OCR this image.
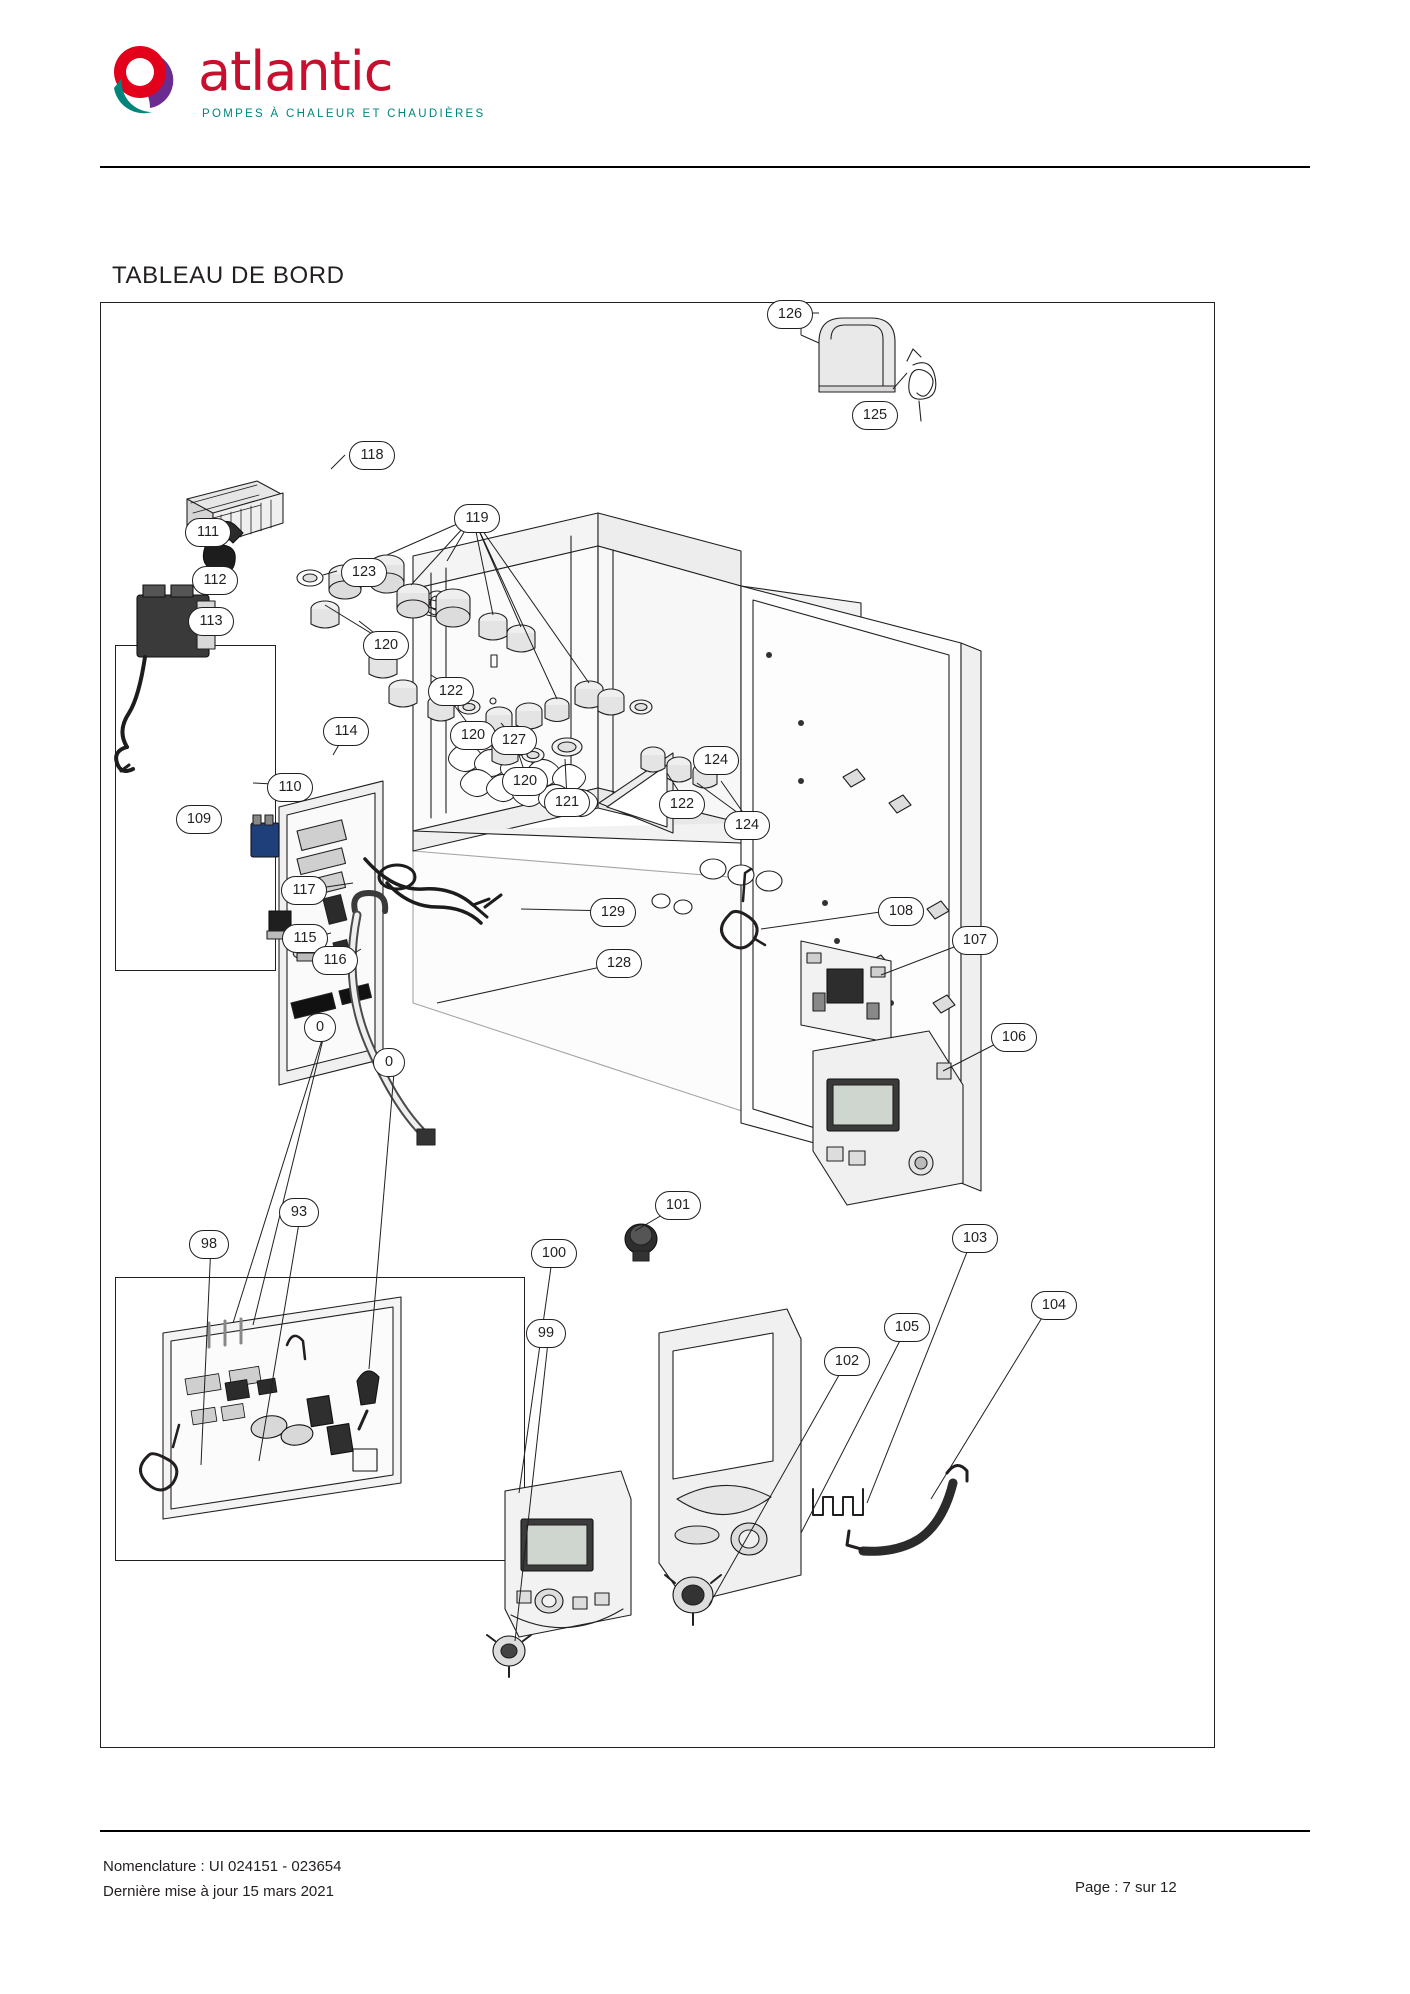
atlantic
POMPES À CHALEUR ET CHAUDIÈRES
TABLEAU DE BORD
126
125
118
119
111
123
112
113
120
122
120	127
114
120
124
121	122
124
110
109
117
129
115
116	128
108
107
106
0
0
93
98
101
103
104
100
105
102
99
Nomenclature : UI 024151 - 023654
Dernière mise à jour 15 mars 2021	Page : 7 sur 12
